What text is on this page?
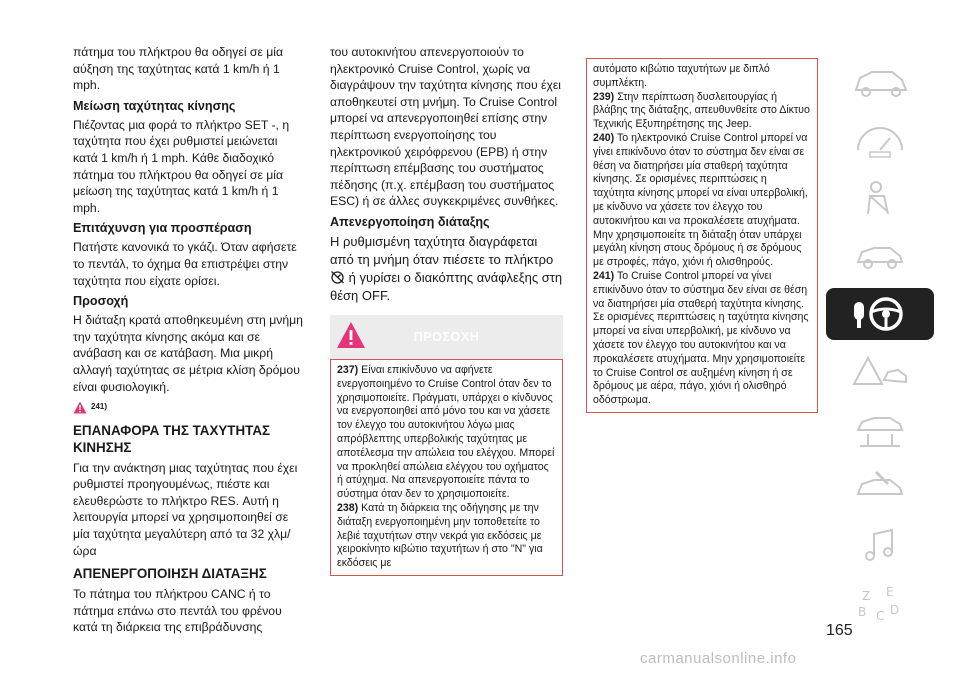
πάτημα του πλήκτρου θα οδηγεί σε μία αύξηση της ταχύτητας κατά 1 km/h ή 1 mph.

Μείωση ταχύτητας κίνησης

Πιέζοντας μια φορά το πλήκτρο SET -, η ταχύτητα που έχει ρυθμιστεί μειώνεται κατά 1 km/h ή 1 mph. Κάθε διαδοχικό πάτημα του πλήκτρου θα οδηγεί σε μία μείωση της ταχύτητας κατά 1 km/h ή 1 mph.

Επιτάχυνση για προσπέραση

Πατήστε κανονικά το γκάζι. Όταν αφήσετε το πεντάλ, το όχημα θα επιστρέψει στην ταχύτητα που είχατε ορίσει.

Προσοχή

Η διάταξη κρατά αποθηκευμένη στη μνήμη την ταχύτητα κίνησης ακόμα και σε ανάβαση και σε κατάβαση. Μια μικρή αλλαγή ταχύτητας σε μέτρια κλίση δρόμου είναι φυσιολογική.

241)
ΕΠΑΝΑΦΟΡΑ ΤΗΣ ΤΑΧΥΤΗΤΑΣ ΚΙΝΗΣΗΣ

Για την ανάκτηση μιας ταχύτητας που έχει ρυθμιστεί προηγουμένως, πιέστε και ελευθερώστε το πλήκτρο RES. Αυτή η λειτουργία μπορεί να χρησιμοποιηθεί σε μία ταχύτητα μεγαλύτερη από τα 32 χλμ/ώρα

ΑΠΕΝΕΡΓΟΠΟΙΗΣΗ ΔΙΑΤΑΞΗΣ

Το πάτημα του πλήκτρου CANC ή το πάτημα επάνω στο πεντάλ του φρένου κατά τη διάρκεια της επιβράδυνσης

του αυτοκινήτου απενεργοποιούν το ηλεκτρονικό Cruise Control, χωρίς να διαγράψουν την ταχύτητα κίνησης που έχει αποθηκευτεί στη μνήμη. Το Cruise Control μπορεί να απενεργοποιηθεί επίσης στην περίπτωση ενεργοποίησης του ηλεκτρονικού χειρόφρενου (EPB) ή στην περίπτωση επέμβασης του συστήματος πέδησης (π.χ. επέμβαση του συστήματος ESC) ή σε άλλες συγκεκριμένες συνθήκες.

Απενεργοποίηση διάταξης

Η ρυθμισμένη ταχύτητα διαγράφεται από τη μνήμη όταν πιέσετε το πλήκτρο  ή γυρίσει ο διακόπτης ανάφλεξης στη θέση OFF.

ΠΡΟΣΟΧΗ

237) Είναι επικίνδυνο να αφήνετε ενεργοποιημένο το Cruise Control όταν δεν το χρησιμοποιείτε. Πράγματι, υπάρχει ο κίνδυνος να ενεργοποιηθεί από μόνο του και να χάσετε τον έλεγχο του αυτοκινήτου λόγω μιας απρόβλεπτης υπερβολικής ταχύτητας με αποτέλεσμα την απώλεια του ελέγχου. Μπορεί να προκληθεί απώλεια ελέγχου του οχήματος ή ατύχημα. Να απενεργοποιείτε πάντα το σύστημα όταν δεν το χρησιμοποιείτε.

238) Κατά τη διάρκεια της οδήγησης με την διάταξη ενεργοποιημένη μην τοποθετείτε το λεβιέ ταχυτήτων στην νεκρά για εκδόσεις με χειροκίνητο κιβώτιο ταχυτήτων ή στο "N" για εκδόσεις με

αυτόματο κιβώτιο ταχυτήτων με διπλό συμπλέκτη.

239) Στην περίπτωση δυσλειτουργίας ή βλάβης της διάταξης, απευθυνθείτε στο Δίκτυο Τεχνικής Εξυπηρέτησης της Jeep.

240) Το ηλεκτρονικό Cruise Control μπορεί να γίνει επικίνδυνο όταν το σύστημα δεν είναι σε θέση να διατηρήσει μία σταθερή ταχύτητα κίνησης. Σε ορισμένες περιπτώσεις η ταχύτητα κίνησης μπορεί να είναι υπερβολική, με κίνδυνο να χάσετε τον έλεγχο του αυτοκινήτου και να προκαλέσετε ατυχήματα. Μην χρησιμοποιείτε τη διάταξη όταν υπάρχει μεγάλη κίνηση στους δρόμους ή σε δρόμους με στροφές, πάγο, χιόνι ή ολισθηρούς.

241) Το Cruise Control μπορεί να γίνει επικίνδυνο όταν το σύστημα δεν είναι σε θέση να διατηρήσει μία σταθερή ταχύτητα κίνησης. Σε ορισμένες περιπτώσεις η ταχύτητα κίνησης μπορεί να είναι υπερβολική, με κίνδυνο να χάσετε τον έλεγχο του αυτοκινήτου και να προκαλέσετε ατυχήματα. Μην χρησιμοποιείτε το Cruise Control σε αυξημένη κίνηση ή σε δρόμους με αέρα, πάγο, χιόνι ή ολισθηρό οδόστρωμα.

Z E
B C D
165
carmanualsonline.info
